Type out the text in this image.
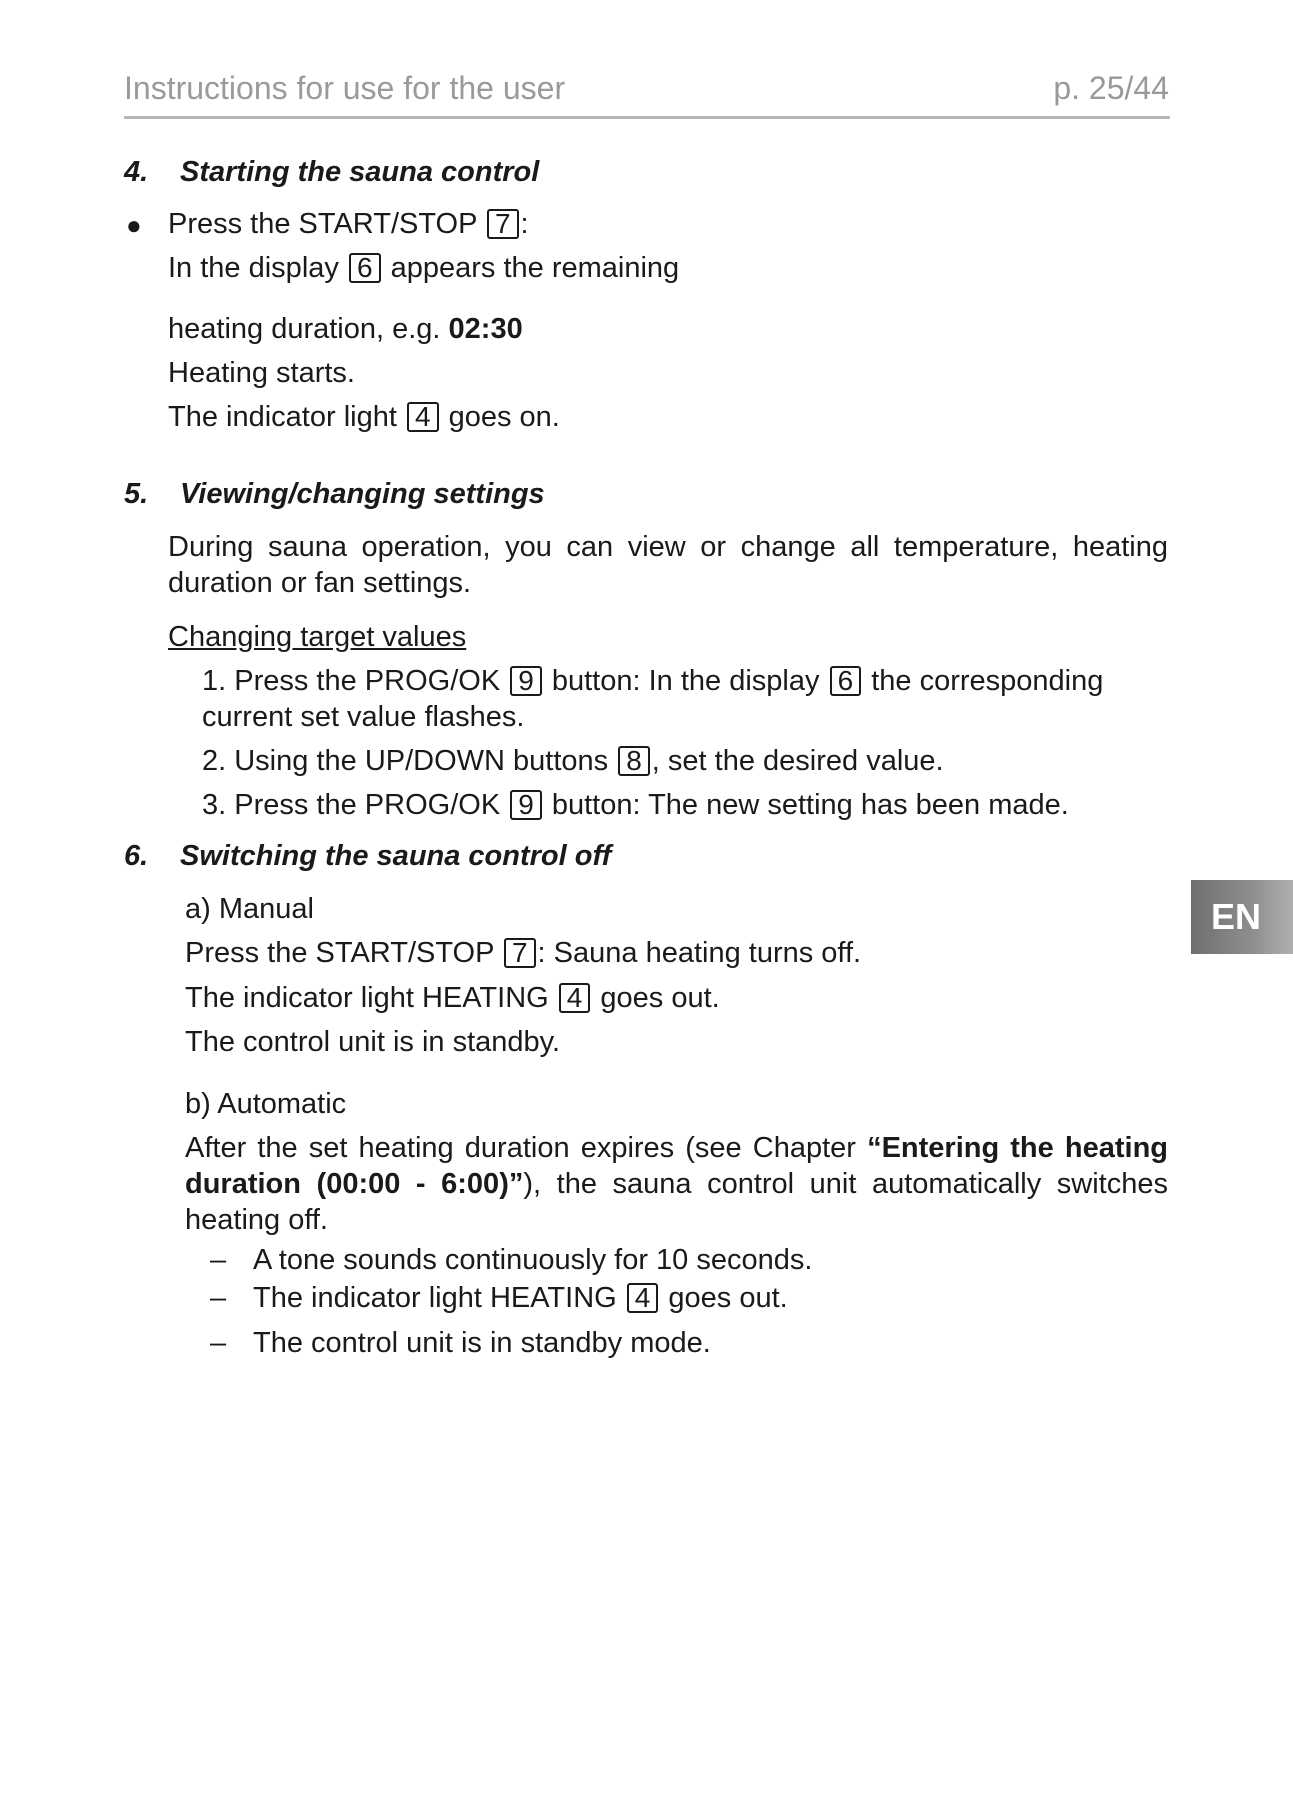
Instructions for use for the user	p. 25/44
4. Starting the sauna control
● Press the START/STOP 7 :
In the display 6 appears the remaining
heating duration, e.g. 02:30
Heating starts.
The indicator light 4 goes on.
5. Viewing/changing settings
During sauna operation, you can view or change all temperature, heating duration or fan settings.
Changing target values
1. Press the PROG/OK 9 button: In the display 6 the corresponding
current set value flashes.
2. Using the UP/DOWN buttons 8 , set the desired value.
3. Press the PROG/OK 9 button: The new setting has been made.
6. Switching the sauna control off
a) Manual
Press the START/STOP 7 : Sauna heating turns off.
The indicator light HEATING 4 goes out.
The control unit is in standby.
b) Automatic
After the set heating duration expires (see Chapter “Entering the heating duration (00:00 - 6:00)”), the sauna control unit automatically switches heating off.
– A tone sounds continuously for 10 seconds.
– The indicator light HEATING 4 goes out.
– The control unit is in standby mode.
EN
